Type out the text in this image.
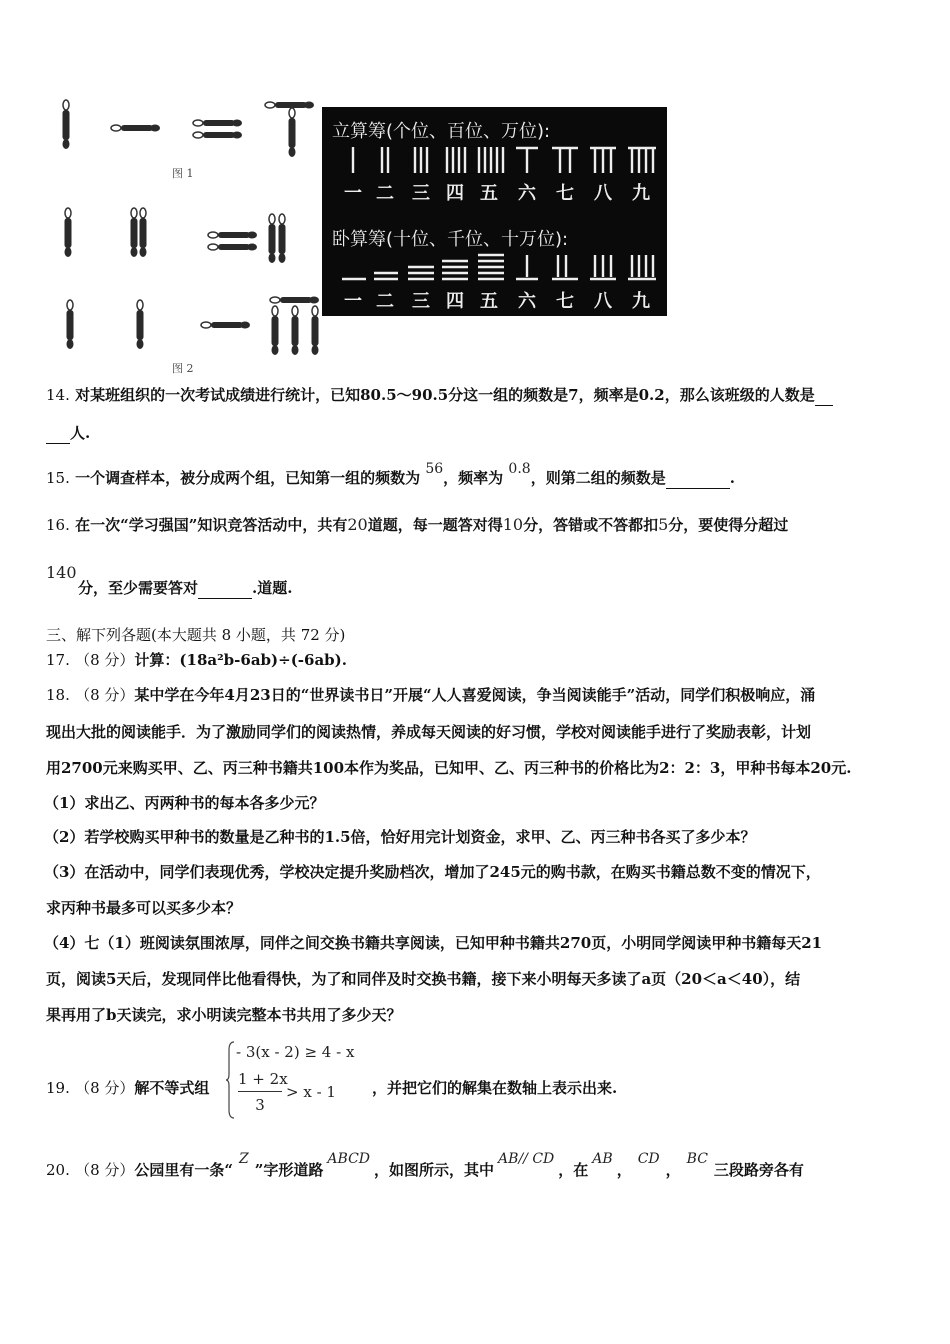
图 1
图 2
立算筹(个位、百位、万位):
一 二 三 四 五 六 七 八 九
卧算筹(十位、千位、十万位):
一 二 三 四 五 六 七 八 九
14. 对某班组织的一次考试成绩进行统计，已知80.5～90.5分这一组的频数是7，频率是0.2，那么该班级的人数是
人.
15. 一个调查样本，被分成两个组，已知第一组的频数为 56，频率为 0.8，则第二组的频数是	.
16. 在一次“学习强国”知识竞答活动中，共有20道题，每一题答对得10分，答错或不答都扣5分，要使得分超过
140
分，至少需要答对	.道题.
三、解下列各题(本大题共 8 小题，共 72 分)
17. （8 分）计算：(18a²b-6ab)÷(-6ab).
18. （8 分）某中学在今年4月23日的“世界读书日”开展“人人喜爱阅读，争当阅读能手”活动，同学们积极响应，涌
现出大批的阅读能手．为了激励同学们的阅读热情，养成每天阅读的好习惯，学校对阅读能手进行了奖励表彰，计划
用2700元来购买甲、乙、丙三种书籍共100本作为奖品，已知甲、乙、丙三种书的价格比为2：2：3，甲种书每本20元.
（1）求出乙、丙两种书的每本各多少元？
（2）若学校购买甲种书的数量是乙种书的1.5倍，恰好用完计划资金，求甲、乙、丙三种书各买了多少本？
（3）在活动中，同学们表现优秀，学校决定提升奖励档次，增加了245元的购书款，在购买书籍总数不变的情况下，
求丙种书最多可以买多少本？
（4）七（1）班阅读氛围浓厚，同伴之间交换书籍共享阅读，已知甲种书籍共270页，小明同学阅读甲种书籍每天21
页，阅读5天后，发现同伴比他看得快，为了和同伴及时交换书籍，接下来小明每天多读了a页（20＜a＜40），结
果再用了b天读完，求小明读完整本书共用了多少天？
19. （8 分）解不等式组
- 3(x - 2) ≥ 4 - x
1 + 2x
3
> x - 1 ，并把它们的解集在数轴上表示出来.
20. （8 分）公园里有一条“Z”字形道路ABCD，如图所示，其中AB// CD，在AB，CD，BC三段路旁各有
